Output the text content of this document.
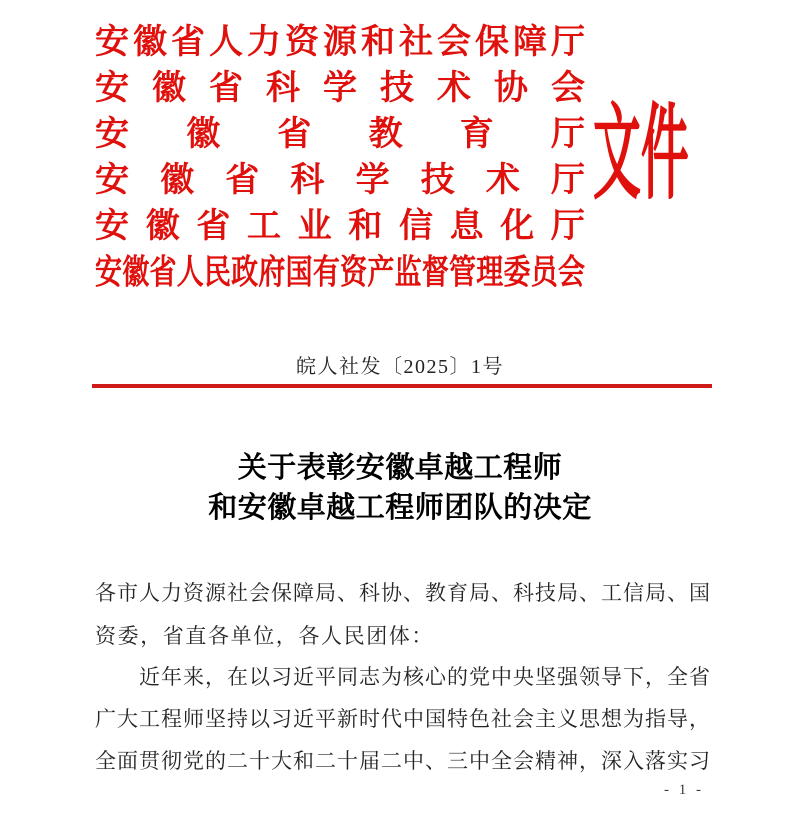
安 徽 省 人 力 资 源 和 社 会 保 障 厅
安 徽 省 科 学 技 术 协 会
安 徽 省 教 育 厅
安 徽 省 科 学 技 术 厅
安 徽 省 工 业 和 信 息 化 厅
安 徽 省 人 民 政 府 国 有 资 产 监 督 管 理 委 员 会
文件
皖人社发〔2025〕1号
关于表彰安徽卓越工程师
和安徽卓越工程师团队的决定
各 市 人 力 资 源 社 会 保 障 局 、 科 协 、 教 育 局 、 科 技 局 、 工 信 局 、 国
资委，省直各单位，各人民团体：

近 年 来 ， 在 以 习 近 平 同 志 为 核 心 的 党 中 央 坚 强 领 导 下 ， 全 省
广 大 工 程 师 坚 持 以 习 近 平 新 时 代 中 国 特 色 社 会 主 义 思 想 为 指 导 ，
全 面 贯 彻 党 的 二 十 大 和 二 十 届 二 中 、 三 中 全 会 精 神 ， 深 入 落 实 习
- 1 -
